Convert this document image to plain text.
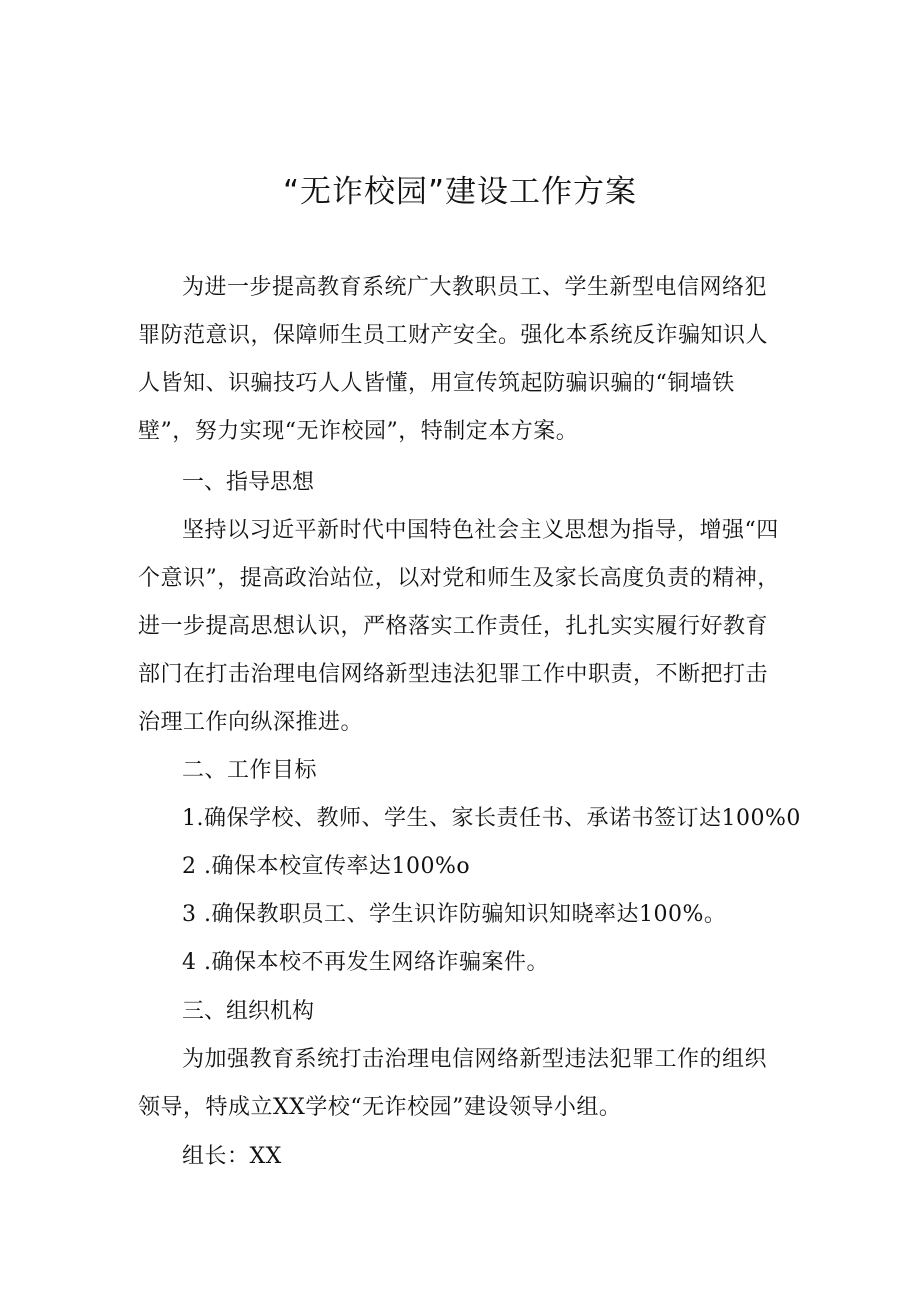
“无诈校园”建设工作方案
为进一步提高教育系统广大教职员工、学生新型电信网络犯
罪防范意识，保障师生员工财产安全。强化本系统反诈骗知识人
人皆知、识骗技巧人人皆懂，用宣传筑起防骗识骗的“铜墙铁
壁”，努力实现“无诈校园”，特制定本方案。
一、指导思想
坚持以习近平新时代中国特色社会主义思想为指导，增强“四
个意识”，提高政治站位，以对党和师生及家长高度负责的精神，
进一步提高思想认识，严格落实工作责任，扎扎实实履行好教育
部门在打击治理电信网络新型违法犯罪工作中职责，不断把打击
治理工作向纵深推进。
二、工作目标
1.确保学校、教师、学生、家长责任书、承诺书签订达100%0
2 .确保本校宣传率达100%o
3 .确保教职员工、学生识诈防骗知识知晓率达100%。
4 .确保本校不再发生网络诈骗案件。
三、组织机构
为加强教育系统打击治理电信网络新型违法犯罪工作的组织
领导，特成立XX学校“无诈校园”建设领导小组。
组长：XX
